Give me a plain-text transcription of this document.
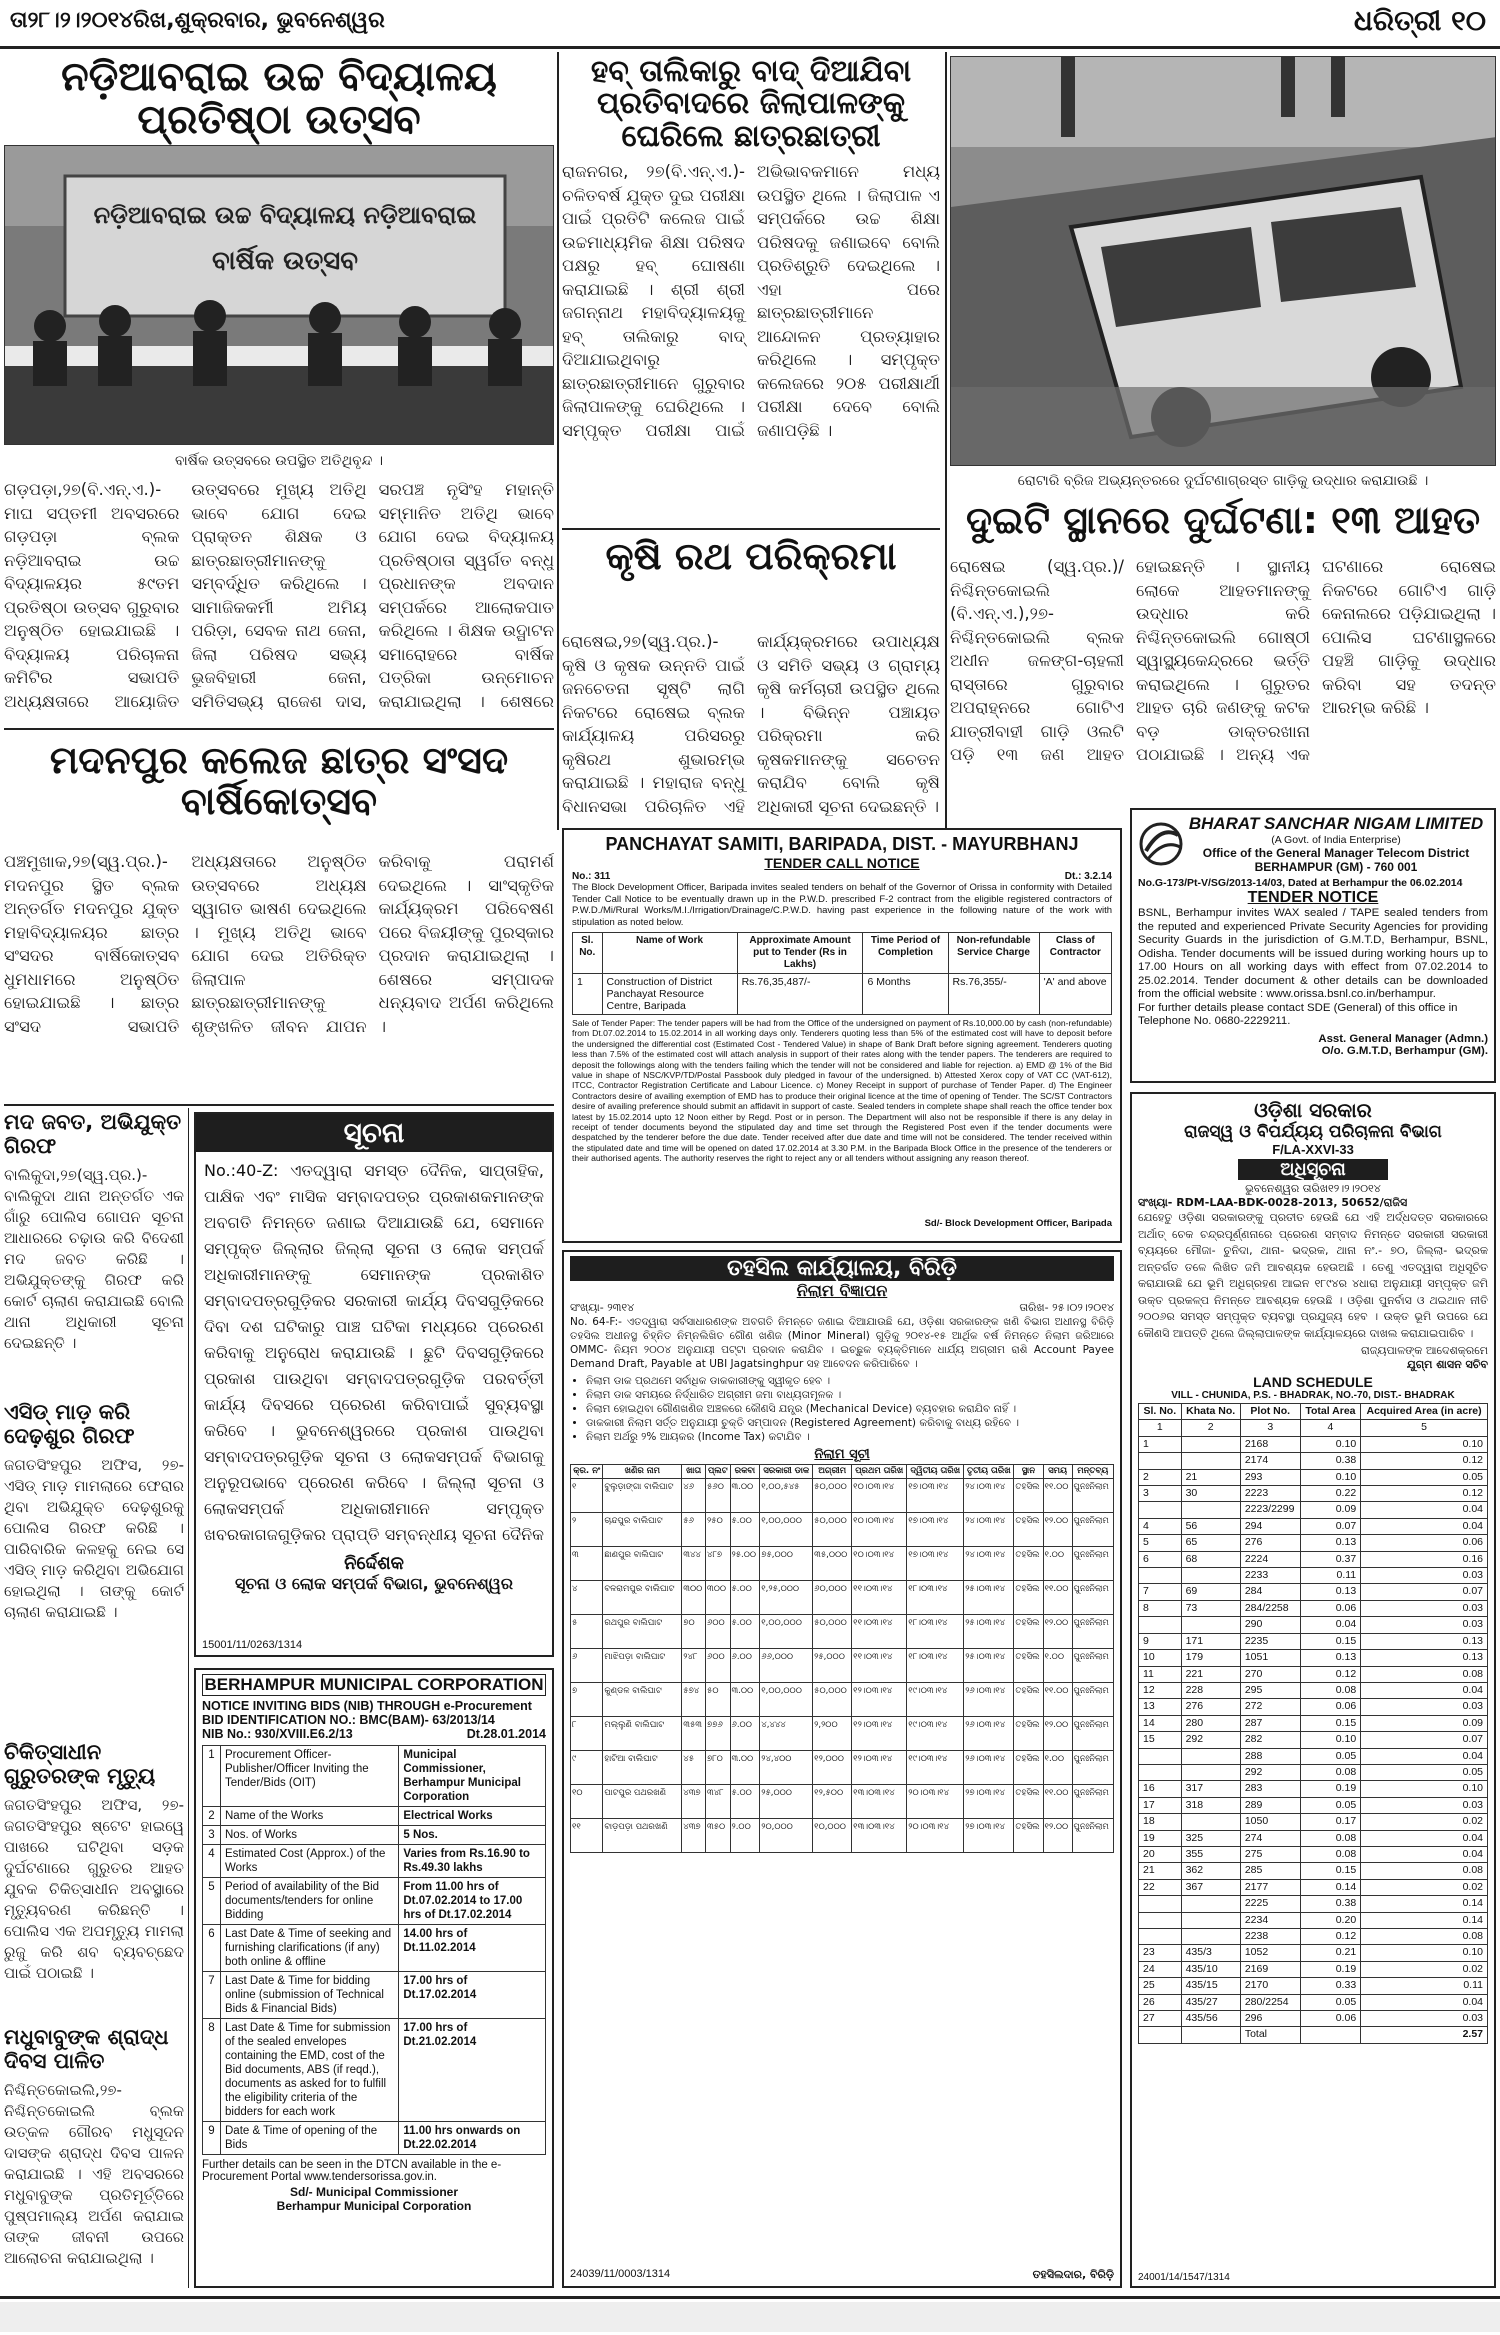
ତା୨୮।୨।୨୦୧୪ରିଖ,ଶୁକ୍ରବାର, ଭୁବନେଶ୍ୱର	ଧରିତ୍ରୀ ୧୦
ନଡ଼ିଆବରାଇ ଉଚ୍ଚ ବିଦ୍ୟାଳୟ ପ୍ରତିଷ୍ଠା ଉତ୍ସବ
ନଡ଼ିଆବରାଇ ଉଚ୍ଚ ବିଦ୍ୟାଳୟ ନଡ଼ିଆବରାଇ
ବାର୍ଷିକ ଉତ୍ସବ
ବାର୍ଷିକ ଉତ୍ସବରେ ଉପସ୍ଥିତ ଅତିଥିବୃନ୍ଦ ।
ଗଡ଼ପଡ଼ା,୨୭(ବି.ଏନ୍.ଏ.)- ମାଘ ସପ୍ତମୀ ଅବସରରେ ଗଡ଼ପଡ଼ା ବ୍ଲକ ନଡ଼ିଆବରାଇ ଉଚ୍ଚ ବିଦ୍ୟାଳୟର ୫୯ତମ ପ୍ରତିଷ୍ଠା ଉତ୍ସବ ଗୁରୁବାର ଅନୁଷ୍ଠିତ ହୋଇଯାଇଛି । ବିଦ୍ୟାଳୟ ପରିଚାଳନା କମିଟିର ସଭାପତି ଅଧ୍ୟକ୍ଷତାରେ ଆୟୋଜିତ ଉତ୍ସବରେ ମୁଖ୍ୟ ଅତିଥି ଭାବେ ଯୋଗ ଦେଇ ପ୍ରାକ୍ତନ ଶିକ୍ଷକ ଓ ଛାତ୍ରଛାତ୍ରୀମାନଙ୍କୁ ସମ୍ବର୍ଦ୍ଧିତ କରିଥିଲେ । ସାମାଜିକକର୍ମୀ ଅମିୟ ପରିଡ଼ା, ସେବକ ନାଥ ଜେନା, ଜିଲା ପରିଷଦ ସଭ୍ୟ ଭୁଜବିହାରୀ ଜେନା, ସମିତିସଭ୍ୟ ରାଜେଶ ଦାସ, ସରପଞ୍ଚ ନୃସିଂହ ମହାନ୍ତି ସମ୍ମାନିତ ଅତିଥି ଭାବେ ଯୋଗ ଦେଇ ବିଦ୍ୟାଳୟ ପ୍ରତିଷ୍ଠାତା ସ୍ୱର୍ଗତ ବନ୍ଧୁ ପ୍ରଧାନଙ୍କ ଅବଦାନ ସମ୍ପର୍କରେ ଆଲୋକପାତ କରିଥିଲେ । ଶିକ୍ଷକ ଉଦ୍ଘାଟନ ସମାରୋହରେ ବାର୍ଷିକ ପତ୍ରିକା ଉନ୍ମୋଚନ କରାଯାଇଥିଲା । ଶେଷରେ
ହବ୍ ତାଲିକାରୁ ବାଦ୍ ଦିଆଯିବା ପ୍ରତିବାଦରେ ଜିଲାପାଳଙ୍କୁ ଘେରିଲେ ଛାତ୍ରଛାତ୍ରୀ
ରାଜନଗର, ୨୭(ବି.ଏନ୍.ଏ.)- ଚଳିତବର୍ଷ ଯୁକ୍ତ ଦୁଇ ପରୀକ୍ଷା ପାଇଁ ପ୍ରତିଟି କଲେଜ ପାଇଁ ଉଚ୍ଚମାଧ୍ୟମିକ ଶିକ୍ଷା ପରିଷଦ ପକ୍ଷରୁ ହବ୍ ଘୋଷଣା କରାଯାଇଛି । ଶ୍ରୀ ଶ୍ରୀ ଜଗନ୍ନାଥ ମହାବିଦ୍ୟାଳୟକୁ ହବ୍ ତାଲିକାରୁ ବାଦ୍ ଦିଆଯାଇଥିବାରୁ ଛାତ୍ରଛାତ୍ରୀମାନେ ଗୁରୁବାର ଜିଲାପାଳଙ୍କୁ ଘେରିଥିଲେ । ସମ୍ପୃକ୍ତ ପରୀକ୍ଷା ପାଇଁ ଅଭିଭାବକମାନେ ମଧ୍ୟ ଉପସ୍ଥିତ ଥିଲେ । ଜିଲାପାଳ ଏ ସମ୍ପର୍କରେ ଉଚ୍ଚ ଶିକ୍ଷା ପରିଷଦକୁ ଜଣାଇବେ ବୋଲି ପ୍ରତିଶ୍ରୁତି ଦେଇଥିଲେ । ଏହା ପରେ ଛାତ୍ରଛାତ୍ରୀମାନେ ଆନ୍ଦୋଳନ ପ୍ରତ୍ୟାହାର କରିଥିଲେ । ସମ୍ପୃକ୍ତ କଲେଜରେ ୨୦୫ ପରୀକ୍ଷାର୍ଥୀ ପରୀକ୍ଷା ଦେବେ ବୋଲି ଜଣାପଡ଼ିଛି ।
କୃଷି ରଥ ପରିକ୍ରମା
ରୋଷେଇ,୨୭(ସ୍ୱ.ପ୍ର.)- କୃଷି ଓ କୃଷକ ଉନ୍ନତି ପାଇଁ ଜନଚେତନା ସୃଷ୍ଟି ଲାଗି ନିକଟରେ ରୋଷେଇ ବ୍ଲକ କାର୍ଯ୍ୟାଳୟ ପରିସରରୁ କୃଷିରଥ ଶୁଭାରମ୍ଭ କରାଯାଇଛି । ମହାରାଜ ବନ୍ଧୁ ବିଧାନସଭା ପରିଚାଳିତ ଏହି କାର୍ଯ୍ୟକ୍ରମରେ ଉପାଧ୍ୟକ୍ଷ ଓ ସମିତି ସଭ୍ୟ ଓ ଗ୍ରାମ୍ୟ କୃଷି କର୍ମଚାରୀ ଉପସ୍ଥିତ ଥିଲେ । ବିଭିନ୍ନ ପଞ୍ଚାୟତ ପରିକ୍ରମା କରି କୃଷକମାନଙ୍କୁ ସଚେତନ କରାଯିବ ବୋଲି କୃଷି ଅଧିକାରୀ ସୂଚନା ଦେଇଛନ୍ତି ।
ରୋଟାରି ବ୍ରିଜ ଅଭ୍ୟନ୍ତରରେ ଦୁର୍ଘଟଣାଗ୍ରସ୍ତ ଗାଡ଼ିକୁ ଉଦ୍ଧାର କରାଯାଉଛି ।
ଦୁଇଟି ସ୍ଥାନରେ ଦୁର୍ଘଟଣା: ୧୩ ଆହତ
ରୋଷେଇ (ସ୍ୱ.ପ୍ର.)/ନିଶ୍ଚିନ୍ତକୋଇଲି (ବି.ଏନ୍.ଏ.),୨୭- ନିଶ୍ଚିନ୍ତକୋଇଲି ବ୍ଲକ ଅଧୀନ ଜଳଙ୍ଗ-ଚାହଲୀ ରାସ୍ତାରେ ଗୁରୁବାର ଅପରାହ୍ନରେ ଗୋଟିଏ ଯାତ୍ରୀବାହୀ ଗାଡ଼ି ଓଲଟି ପଡ଼ି ୧୩ ଜଣ ଆହତ ହୋଇଛନ୍ତି । ସ୍ଥାନୀୟ ଲୋକେ ଆହତମାନଙ୍କୁ ଉଦ୍ଧାର କରି ନିଶ୍ଚିନ୍ତକୋଇଲି ଗୋଷ୍ଠୀ ସ୍ୱାସ୍ଥ୍ୟକେନ୍ଦ୍ରରେ ଭର୍ତ୍ତି କରାଇଥିଲେ । ଗୁରୁତର ଆହତ ଚାରି ଜଣଙ୍କୁ କଟକ ବଡ଼ ଡାକ୍ତରଖାନା ପଠାଯାଇଛି । ଅନ୍ୟ ଏକ ଘଟଣାରେ ରୋଷେଇ ନିକଟରେ ଗୋଟିଏ ଗାଡ଼ି କେନାଲରେ ପଡ଼ିଯାଇଥିଲା । ପୋଲିସ ଘଟଣାସ୍ଥଳରେ ପହଞ୍ଚି ଗାଡ଼ିକୁ ଉଦ୍ଧାର କରିବା ସହ ତଦନ୍ତ ଆରମ୍ଭ କରିଛି ।
ମଦନପୁର କଲେଜ ଛାତ୍ର ସଂସଦ ବାର୍ଷିକୋତ୍ସବ
ପଞ୍ଚମୁଖାକ,୨୭(ସ୍ୱ.ପ୍ର.)- ମଦନପୁର ସ୍ଥିତ ବ୍ଲକ ଅନ୍ତର୍ଗତ ମଦନପୁର ଯୁକ୍ତ ମହାବିଦ୍ୟାଳୟର ଛାତ୍ର ସଂସଦର ବାର୍ଷିକୋତ୍ସବ ଧୁମଧାମରେ ଅନୁଷ୍ଠିତ ହୋଇଯାଇଛି । ଛାତ୍ର ସଂସଦ ସଭାପତି ଅଧ୍ୟକ୍ଷତାରେ ଅନୁଷ୍ଠିତ ଉତ୍ସବରେ ଅଧ୍ୟକ୍ଷ ସ୍ୱାଗତ ଭାଷଣ ଦେଇଥିଲେ । ମୁଖ୍ୟ ଅତିଥି ଭାବେ ଯୋଗ ଦେଇ ଅତିରିକ୍ତ ଜିଲାପାଳ ଛାତ୍ରଛାତ୍ରୀମାନଙ୍କୁ ଶୃଙ୍ଖଳିତ ଜୀବନ ଯାପନ କରିବାକୁ ପରାମର୍ଶ ଦେଇଥିଲେ । ସାଂସ୍କୃତିକ କାର୍ଯ୍ୟକ୍ରମ ପରିବେଷଣ ପରେ ବିଜୟୀଙ୍କୁ ପୁରସ୍କାର ପ୍ରଦାନ କରାଯାଇଥିଲା । ଶେଷରେ ସମ୍ପାଦକ ଧନ୍ୟବାଦ ଅର୍ପଣ କରିଥିଲେ ।
ମଦ ଜବତ, ଅଭିଯୁକ୍ତ ଗିରଫ
ବାଲିକୁଦା,୨୭(ସ୍ୱ.ପ୍ର.)- ବାଲିକୁଦା ଥାନା ଅନ୍ତର୍ଗତ ଏକ ଗାଁରୁ ପୋଲିସ ଗୋପନ ସୂଚନା ଆଧାରରେ ଚଢ଼ାଉ କରି ବିଦେଶୀ ମଦ ଜବତ କରିଛି । ଅଭିଯୁକ୍ତଙ୍କୁ ଗିରଫ କରି କୋର୍ଟ ଚାଲାଣ କରାଯାଇଛି ବୋଲି ଥାନା ଅଧିକାରୀ ସୂଚନା ଦେଇଛନ୍ତି ।
ଏସିଡ୍ ମାଡ଼ କରି ଦେଢ଼ଶୁର ଗିରଫ
ଜଗତସିଂହପୁର ଅଫିସ, ୨୭- ଏସିଡ୍ ମାଡ଼ ମାମଲାରେ ଫେରାର ଥିବା ଅଭିଯୁକ୍ତ ଦେଢ଼ଶୁରକୁ ପୋଲିସ ଗିରଫ କରିଛି । ପାରିବାରିକ କଳହକୁ ନେଇ ସେ ଏସିଡ୍ ମାଡ଼ କରିଥିବା ଅଭିଯୋଗ ହୋଇଥିଲା । ତାଙ୍କୁ କୋର୍ଟ ଚାଲାଣ କରାଯାଇଛି ।
ଚିକିତ୍ସାଧୀନ ଗୁରୁତରଙ୍କ ମୃତ୍ୟୁ
ଜଗତସିଂହପୁର ଅଫିସ, ୨୭- ଜଗତସିଂହପୁର ଷ୍ଟେଟ ହାଇୱେ ପାଖରେ ଘଟିଥିବା ସଡ଼କ ଦୁର୍ଘଟଣାରେ ଗୁରୁତର ଆହତ ଯୁବକ ଚିକିତ୍ସାଧୀନ ଅବସ୍ଥାରେ ମୃତ୍ୟୁବରଣ କରିଛନ୍ତି । ପୋଲିସ ଏକ ଅପମୃତ୍ୟୁ ମାମଲା ରୁଜୁ କରି ଶବ ବ୍ୟବଚ୍ଛେଦ ପାଇଁ ପଠାଇଛି ।
ମଧୁବାବୁଙ୍କ ଶ୍ରାଦ୍ଧ ଦିବସ ପାଳିତ
ନିଶ୍ଚିନ୍ତକୋଇଲି,୨୭- ନିଶ୍ଚିନ୍ତକୋଇଲି ବ୍ଲକ ଉତ୍କଳ ଗୌରବ ମଧୁସୂଦନ ଦାସଙ୍କ ଶ୍ରାଦ୍ଧ ଦିବସ ପାଳନ କରାଯାଇଛି । ଏହି ଅବସରରେ ମଧୁବାବୁଙ୍କ ପ୍ରତିମୂର୍ତ୍ତିରେ ପୁଷ୍ପମାଲ୍ୟ ଅର୍ପଣ କରାଯାଇ ତାଙ୍କ ଜୀବନୀ ଉପରେ ଆଲୋଚନା କରାଯାଇଥିଲା ।
ସୂଚନା
No.:40-Z: ଏତଦ୍ୱାରା ସମସ୍ତ ଦୈନିକ, ସାପ୍ତାହିକ, ପାକ୍ଷିକ ଏବଂ ମାସିକ ସମ୍ବାଦପତ୍ର ପ୍ରକାଶକମାନଙ୍କ ଅବଗତି ନିମନ୍ତେ ଜଣାଇ ଦିଆଯାଉଛି ଯେ, ସେମାନେ ସମ୍ପୃକ୍ତ ଜିଲ୍ଲାର ଜିଲ୍ଲା ସୂଚନା ଓ ଲୋକ ସମ୍ପର୍କ ଅଧିକାରୀମାନଙ୍କୁ ସେମାନଙ୍କ ପ୍ରକାଶିତ ସମ୍ବାଦପତ୍ରଗୁଡ଼ିକର ସରକାରୀ କାର୍ଯ୍ୟ ଦିବସଗୁଡ଼ିକରେ ଦିବା ଦଶ ଘଟିକାରୁ ପାଞ୍ଚ ଘଟିକା ମଧ୍ୟରେ ପ୍ରେରଣ କରିବାକୁ ଅନୁରୋଧ କରାଯାଉଛି । ଛୁଟି ଦିବସଗୁଡ଼ିକରେ ପ୍ରକାଶ ପାଉଥିବା ସମ୍ବାଦପତ୍ରଗୁଡ଼ିକ ପରବର୍ତ୍ତୀ କାର୍ଯ୍ୟ ଦିବସରେ ପ୍ରେରଣ କରିବାପାଇଁ ସୁବ୍ୟବସ୍ଥା କରିବେ । ଭୁବନେଶ୍ୱରରେ ପ୍ରକାଶ ପାଉଥିବା ସମ୍ବାଦପତ୍ରଗୁଡ଼ିକ ସୂଚନା ଓ ଲୋକସମ୍ପର୍କ ବିଭାଗକୁ ଅନୁରୂପଭାବେ ପ୍ରେରଣ କରିବେ । ଜିଲ୍ଲା ସୂଚନା ଓ ଲୋକସମ୍ପର୍କ ଅଧିକାରୀମାନେ ସମ୍ପୃକ୍ତ ଖବରକାଗଜଗୁଡ଼ିକର ପ୍ରାପ୍ତି ସମ୍ବନ୍ଧୀୟ ସୂଚନା ଦୈନିକ
ନିର୍ଦ୍ଦେଶକ
ସୂଚନା ଓ ଲୋକ ସମ୍ପର୍କ ବିଭାଗ, ଭୁବନେଶ୍ୱର
15001/11/0263/1314
BERHAMPUR MUNICIPAL CORPORATION
NOTICE INVITING BIDS (NIB) THROUGH e-Procurement
BID IDENTIFICATION NO.: BMC(BAM)- 63/2013/14
NIB No.: 930/XVIII.E6.2/13	Dt.28.01.2014
1	Procurement Officer-Publisher/Officer Inviting the Tender/Bids (OIT)	Municipal Commissioner, Berhampur Municipal Corporation
2	Name of the Works	Electrical Works
3	Nos. of Works	5 Nos.
4	Estimated Cost (Approx.) of the Works	Varies from Rs.16.90 to Rs.49.30 lakhs
5	Period of availability of the Bid documents/tenders for online Bidding	From 11.00 hrs of Dt.07.02.2014 to 17.00 hrs of Dt.17.02.2014
6	Last Date & Time of seeking and furnishing clarifications (if any) both online & offline	14.00 hrs of Dt.11.02.2014
7	Last Date & Time for bidding online (submission of Technical Bids & Financial Bids)	17.00 hrs of Dt.17.02.2014
8	Last Date & Time for submission of the sealed envelopes containing the EMD, cost of the Bid documents, ABS (if reqd.), documents as asked for to fulfill the eligibility criteria of the bidders for each work	17.00 hrs of Dt.21.02.2014
9	Date & Time of opening of the Bids	11.00 hrs onwards on Dt.22.02.2014
Further details can be seen in the DTCN available in the e-Procurement Portal www.tendersorissa.gov.in.
Sd/- Municipal Commissioner
Berhampur Municipal Corporation
PANCHAYAT SAMITI, BARIPADA, DIST. - MAYURBHANJ
TENDER CALL NOTICE
No.: 311	Dt.: 3.2.14
The Block Development Officer, Baripada invites sealed tenders on behalf of the Governor of Orissa in conformity with Detailed Tender Call Notice to be eventually drawn up in the P.W.D. prescribed F-2 contract from the eligible registered contractors of P.W.D./Mi/Rural Works/M.I./Irrigation/Drainage/C.P.W.D. having past experience in the following nature of the work with stipulation as noted below.
Sl. No.	Name of Work	Approximate Amount put to Tender (Rs in Lakhs)	Time Period of Completion	Non-refundable Service Charge	Class of Contractor
1	Construction of District Panchayat Resource Centre, Baripada	Rs.76,35,487/-	6 Months	Rs.76,355/-	'A' and above
Sale of Tender Paper: The tender papers will be had from the Office of the undersigned on payment of Rs.10,000.00 by cash (non-refundable) from Dt.07.02.2014 to 15.02.2014 in all working days only. Tenderers quoting less than 5% of the estimated cost will have to deposit before the undersigned the differential cost (Estimated Cost - Tendered Value) in shape of Bank Draft before signing agreement. Tenderers quoting less than 7.5% of the estimated cost will attach analysis in support of their rates along with the tender papers. The tenderers are required to deposit the followings along with the tenders failing which the tender will not be considered and liable for rejection. a) EMD @ 1% of the Bid value in shape of NSC/KVP/TD/Postal Passbook duly pledged in favour of the undersigned. b) Attested Xerox copy of VAT CC (VAT-612), ITCC, Contractor Registration Certificate and Labour Licence. c) Money Receipt in support of purchase of Tender Paper. d) The Engineer Contractors desire of availing exemption of EMD has to produce their original licence at the time of opening of Tender. The SC/ST Contractors desire of availing preference should submit an affidavit in support of caste. Sealed tenders in complete shape shall reach the office tender box latest by 15.02.2014 upto 12 Noon either by Regd. Post or in person. The Department will also not be responsible if there is any delay in receipt of tender documents beyond the stipulated day and time set through the Registered Post even if the tender documents were despatched by the tenderer before the due date. Tender received after due date and time will not be considered. The tender received within the stipulated date and time will be opened on dated 17.02.2014 at 3.30 P.M. in the Baripada Block Office in the presence of the tenderers or their authorised agents. The authority reserves the right to reject any or all tenders without assigning any reason thereof.
Sd/- Block Development Officer, Baripada
ତହସିଲ କାର୍ଯ୍ୟାଳୟ, ବିରିଡ଼ି
ନିଲାମ ବିଜ୍ଞାପନ
ସଂଖ୍ୟା- ୨୩୧୪	ତାରିଖ- ୨୫।୦୨।୨୦୧୪
No. 64-F:- ଏତଦ୍ୱାରା ସର୍ବସାଧାରଣଙ୍କ ଅବଗତି ନିମନ୍ତେ ଜଣାଇ ଦିଆଯାଉଛି ଯେ, ଓଡ଼ିଶା ସରକାରଙ୍କ ଖଣି ବିଭାଗ ଅଧୀନସ୍ଥ ବିରିଡ଼ି ତହସିଲ ଅଧୀନସ୍ଥ ଚିହ୍ନିତ ନିମ୍ନଲିଖିତ ଗୌଣ ଖଣିଜ (Minor Mineral) ଗୁଡ଼ିକୁ ୨୦୧୪-୧୫ ଆର୍ଥିକ ବର୍ଷ ନିମନ୍ତେ ନିଲାମ ଜରିଆରେ OMMC- ନିୟମ ୨୦୦୪ ଅନୁଯାୟୀ ପଟ୍ଟା ପ୍ରଦାନ କରାଯିବ । ଇଚ୍ଛୁକ ବ୍ୟକ୍ତିମାନେ ଧାର୍ଯ୍ୟ ଅଗ୍ରୀମ ରାଶି Account Payee Demand Draft, Payable at UBI Jagatsinghpur ସହ ଆବେଦନ କରିପାରିବେ ।
• ନିଲାମ ଡାକ ପ୍ରଥମେ ସର୍ବାଧିକ ଡାକକାରୀଙ୍କୁ ସ୍ୱୀକୃତ ହେବ ।
• ନିଲାମ ଡାକ ସମୟରେ ନିର୍ଦ୍ଧାରିତ ଅଗ୍ରୀମ ଜମା ବାଧ୍ୟତାମୂଳକ ।
• ନିଲାମ ହୋଇଥିବା ଗୌଣଖଣିଜ ଅଞ୍ଚଳରେ କୌଣସି ଯନ୍ତ୍ର (Mechanical Device) ବ୍ୟବହାର କରାଯିବ ନାହିଁ ।
• ଡାକକାରୀ ନିଲାମ ସର୍ତ୍ତ ଅନୁଯାୟୀ ଚୁକ୍ତି ସମ୍ପାଦନ (Registered Agreement) କରିବାକୁ ବାଧ୍ୟ ରହିବେ ।
• ନିଲାମ ଅର୍ଥରୁ ୨% ଆୟକର (Income Tax) କଟାଯିବ ।
ନିଲାମ ସୂଚୀ
କ୍ର. ନଂ	ଖଣିର ନାମ	ଖାତା	ପ୍ଲଟ	ରକବା	ସରକାରୀ ଡାକ	ଅଗ୍ରୀମ	ପ୍ରଥମ ତାରିଖ	ଦ୍ୱିତୀୟ ତାରିଖ	ତୃତୀୟ ତାରିଖ	ସ୍ଥାନ	ସମୟ	ମନ୍ତବ୍ୟ
୧	ବୁଲୁଡ଼ାଙ୍ଗା ବାଲିଘାଟ	୪୬	୫୬୦	୩.୦୦	୧,୦୦,୫୪୫	୫୦,୦୦୦	୧୦।୦୩।୧୪	୧୭।୦୩।୧୪	୨୪।୦୩।୧୪	ତହସିଲ	୧୧.୦୦	ପୁନଃନିଲାମ
୨	ଚାନ୍ଦପୁର ବାଲିଘାଟ	୫୬	୨୫୦	୫.୦୦	୧,୦୦,୦୦୦	୫୦,୦୦୦	୧୦।୦୩।୧୪	୧୭।୦୩।୧୪	୨୪।୦୩।୧୪	ତହସିଲ	୧୨.୦୦	ପୁନଃନିଲାମ
୩	ଛାଣପୁର ବାଲିଘାଟ	୩୪୪	୪୮୭	୨୫.୦୦	୭୫,୦୦୦	୩୫,୦୦୦	୧୦।୦୩।୧୪	୧୭।୦୩।୧୪	୨୪।୦୩।୧୪	ତହସିଲ	୧.୦୦	ପୁନଃନିଲାମ
୪	ବଳରାମପୁର ବାଲିଘାଟ	୩୦୦	୩୦୦	୫.୦୦	୧,୨୫,୦୦୦	୬୦,୦୦୦	୧୧।୦୩।୧୪	୧୮।୦୩।୧୪	୨୫।୦୩।୧୪	ତହସିଲ	୧୧.୦୦	ପୁନଃନିଲାମ
୫	ରଥପୁର ବାଲିଘାଟ	୭୦	୬୦୦	୫.୦୦	୧,୦୦,୦୦୦	୫୦,୦୦୦	୧୧।୦୩।୧୪	୧୮।୦୩।୧୪	୨୫।୦୩।୧୪	ତହସିଲ	୧୨.୦୦	ପୁନଃନିଲାମ
୬	ମାଝିପଡ଼ା ବାଲିଘାଟ	୨୪୮	୬୦୦	୬.୦୦	୬୬,୦୦୦	୨୫,୦୦୦	୧୧।୦୩।୧୪	୧୮।୦୩।୧୪	୨୫।୦୩।୧୪	ତହସିଲ	୧.୦୦	ପୁନଃନିଲାମ
୭	କୁଣ୍ଡଳ ବାଲିଘାଟ	୫୭୪	୫୦	୩.୦୦	୧,୦୦,୦୦୦	୫୦,୦୦୦	୧୨।୦୩।୧୪	୧୯।୦୩।୧୪	୨୬।୦୩।୧୪	ତହସିଲ	୧୧.୦୦	ପୁନଃନିଲାମ
୮	ମଲ୍ଲୁଣି ବାଲିଘାଟ	୩୫୩	୭୭୬	୬.୦୦	୪,୪୪୪	୨,୨୦୦	୧୨।୦୩।୧୪	୧୯।୦୩।୧୪	୨୬।୦୩।୧୪	ତହସିଲ	୧୨.୦୦	ପୁନଃନିଲାମ
୯	ହାଟିଆ ବାଲିଘାଟ	୪୫	୭୮୦	୩.୦୦	୨୪,୪୦୦	୧୨,୦୦୦	୧୨।୦୩।୧୪	୧୯।୦୩।୧୪	୨୬।୦୩।୧୪	ତହସିଲ	୧.୦୦	ପୁନଃନିଲାମ
୧୦	ପାଟପୁର ପଥରଖଣି	୪୩୭	୩୪୮	୫.୦୦	୨୫,୦୦୦	୧୨,୫୦୦	୧୩।୦୩।୧୪	୨୦।୦୩।୧୪	୨୭।୦୩।୧୪	ତହସିଲ	୧୧.୦୦	ପୁନଃନିଲାମ
୧୧	ବାଡ଼ପଡ଼ା ପଥରଖଣି	୪୩୭	୩୫୦	୨.୦୦	୨୦,୦୦୦	୧୦,୦୦୦	୧୩।୦୩।୧୪	୨୦।୦୩।୧୪	୨୭।୦୩।୧୪	ତହସିଲ	୧୨.୦୦	ପୁନଃନିଲାମ
24039/11/0003/1314	ତହସିଲଦାର, ବିରିଡ଼ି
BHARAT SANCHAR NIGAM LIMITED
(A Govt. of India Enterprise)
Office of the General Manager Telecom District
BERHAMPUR (GM) - 760 001
No.G-173/Pt-V/SG/2013-14/03, Dated at Berhampur the 06.02.2014
TENDER NOTICE
BSNL, Berhampur invites WAX sealed / TAPE sealed tenders from the reputed and experienced Private Security Agencies for providing Security Guards in the jurisdiction of G.M.T.D, Berhampur, BSNL, Odisha. Tender documents will be issued during working hours up to 17.00 Hours on all working days with effect from 07.02.2014 to 25.02.2014. Tender document & other details can be downloaded from the official website : www.orissa.bsnl.co.in/berhampur.
For further details please contact SDE (General) of this office in Telephone No. 0680-2229211.
Asst. General Manager (Admn.)
O/o. G.M.T.D, Berhampur (GM).
ଓଡ଼ିଶା ସରକାର
ରାଜସ୍ୱ ଓ ବିପର୍ଯ୍ୟୟ ପରିଚାଳନା ବିଭାଗ
F/LA-XXVI-33
ଅଧିସୂଚନା
ଭୁବନେଶ୍ୱର ତାରିଖ୧୨।୨।୨୦୧୪
ସଂଖ୍ୟା- RDM-LAA-BDK-0028-2013, 50652/ରାଜିସ
ଯେହେତୁ ଓଡ଼ିଶା ସରକାରଙ୍କୁ ପ୍ରତୀତ ହେଉଛି ଯେ ଏହି ଅର୍ଦ୍ଧଦତ୍ତ ସରକାରରେ ଅର୍ଥାତ୍ ଚେକ ଚନ୍ଦ୍ରପୂର୍ଣ୍ଣନାରେ ପ୍ରେରଣ ସମ୍ବାଦ ନିମନ୍ତେ ସରକାରୀ ସରକାରୀ ବ୍ୟୟରେ ମୌଜା- ଚୁନିଦା, ଥାନା- ଭଦ୍ରକ, ଥାନା ନଂ.- ୭୦, ଜିଲ୍ଲା- ଭଦ୍ରକ ଅନ୍ତର୍ଗତ ତଳେ ଲିଖିତ ଜମି ଆବଶ୍ୟକ ହେଉଅଛି । ତେଣୁ ଏତଦ୍ୱାରା ଅଧିସୂଚିତ କରାଯାଉଛି ଯେ ଭୂମି ଅଧିଗ୍ରହଣ ଆଇନ ୧୮୯୪ର ୪ଧାରା ଅନୁଯାୟୀ ସମ୍ପୃକ୍ତ ଜମି ଉକ୍ତ ପ୍ରକଳ୍ପ ନିମନ୍ତେ ଆବଶ୍ୟକ ହେଉଛି । ଓଡ଼ିଶା ପୁନର୍ବାସ ଓ ଥଇଥାନ ନୀତି ୨୦୦୬ର ସମସ୍ତ ସମ୍ପୃକ୍ତ ବ୍ୟବସ୍ଥା ପ୍ରଯୁଜ୍ୟ ହେବ । ଉକ୍ତ ଭୂମି ଉପରେ ଯେ କୌଣସି ଆପତ୍ତି ଥିଲେ ଜିଲ୍ଲାପାଳଙ୍କ କାର୍ଯ୍ୟାଳୟରେ ଦାଖଲ କରାଯାଇପାରିବ ।
ରାଜ୍ୟପାଳଙ୍କ ଆଦେଶକ୍ରମେ
ଯୁଗ୍ମ ଶାସନ ସଚିବ
LAND SCHEDULE
VILL - CHUNIDA, P.S. - BHADRAK, NO.-70, DIST.- BHADRAK
Sl. No.	Khata No.	Plot No.	Total Area	Acquired Area (in acre)
1	2	3	4	5
1		2168	0.10	0.10
		2174	0.38	0.12
2	21	293	0.10	0.05
3	30	2223	0.22	0.12
		2223/2299	0.09	0.04
4	56	294	0.07	0.04
5	65	276	0.13	0.06
6	68	2224	0.37	0.16
		2233	0.11	0.03
7	69	284	0.13	0.07
8	73	284/2258	0.06	0.03
		290	0.04	0.03
9	171	2235	0.15	0.13
10	179	1051	0.13	0.13
11	221	270	0.12	0.08
12	228	295	0.08	0.04
13	276	272	0.06	0.03
14	280	287	0.15	0.09
15	292	282	0.10	0.07
		288	0.05	0.04
		292	0.08	0.05
16	317	283	0.19	0.10
17	318	289	0.05	0.03
18		1050	0.17	0.02
19	325	274	0.08	0.04
20	355	275	0.08	0.04
21	362	285	0.15	0.08
22	367	2177	0.14	0.02
		2225	0.38	0.14
		2234	0.20	0.14
		2238	0.12	0.08
23	435/3	1052	0.21	0.10
24	435/10	2169	0.19	0.02
25	435/15	2170	0.33	0.11
26	435/27	280/2254	0.05	0.04
27	435/56	296	0.06	0.03
		Total		2.57
24001/14/1547/1314
